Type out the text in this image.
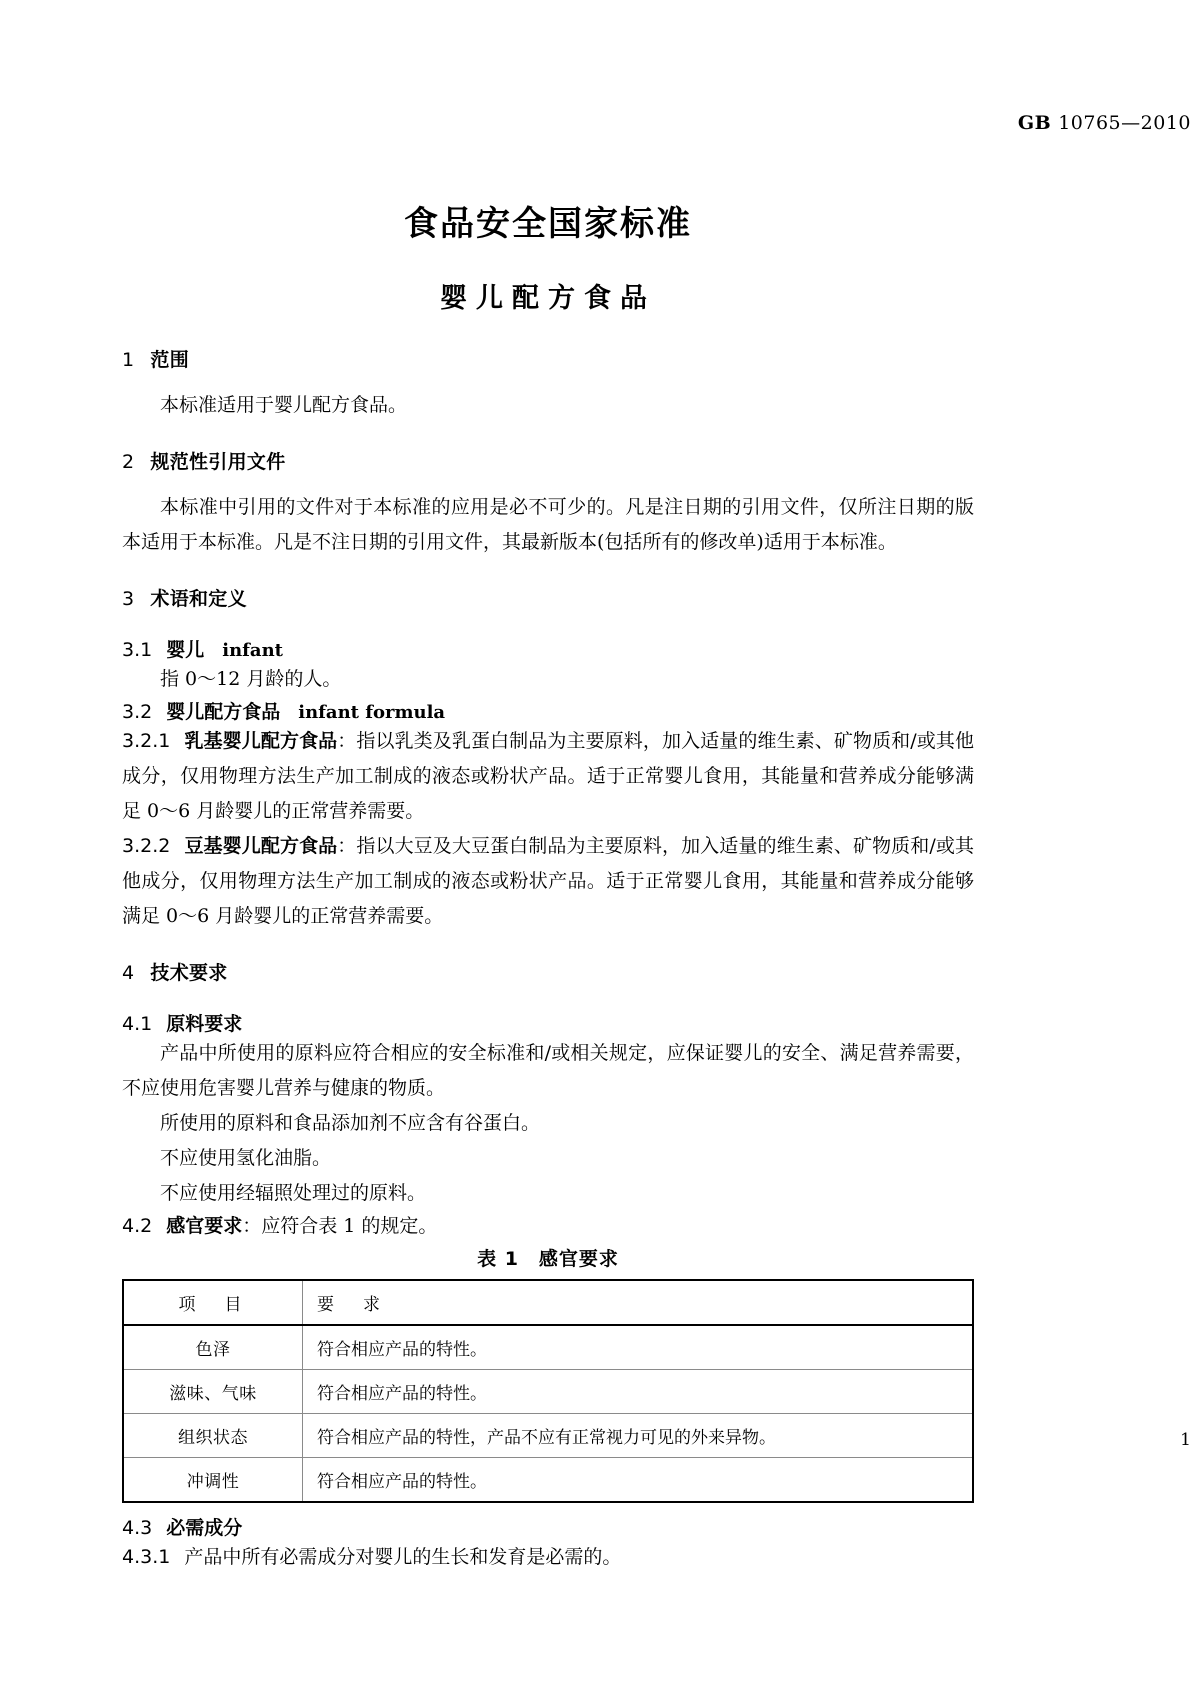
GB 10765—2010
食品安全国家标准
婴儿配方食品
1 范围

本标准适用于婴儿配方食品。

2 规范性引用文件

本标准中引用的文件对于本标准的应用是必不可少的。凡是注日期的引用文件，仅所注日期的版本适用于本标准。凡是不注日期的引用文件，其最新版本(包括所有的修改单)适用于本标准。

3 术语和定义
3.1 婴儿 infant

指 0～12 月龄的人。

3.2 婴儿配方食品 infant formula
3.2.1 乳基婴儿配方食品：指以乳类及乳蛋白制品为主要原料，加入适量的维生素、矿物质和/或其他成分，仅用物理方法生产加工制成的液态或粉状产品。适于正常婴儿食用，其能量和营养成分能够满足 0～6 月龄婴儿的正常营养需要。
3.2.2 豆基婴儿配方食品：指以大豆及大豆蛋白制品为主要原料，加入适量的维生素、矿物质和/或其他成分，仅用物理方法生产加工制成的液态或粉状产品。适于正常婴儿食用，其能量和营养成分能够满足 0～6 月龄婴儿的正常营养需要。
4 技术要求
4.1 原料要求

产品中所使用的原料应符合相应的安全标准和/或相关规定，应保证婴儿的安全、满足营养需要，不应使用危害婴儿营养与健康的物质。

所使用的原料和食品添加剂不应含有谷蛋白。

不应使用氢化油脂。

不应使用经辐照处理过的原料。

4.2 感官要求：应符合表 1 的规定。
表 1　感官要求
项　目	要　求
色泽	符合相应产品的特性。
滋味、气味	符合相应产品的特性。
组织状态	符合相应产品的特性，产品不应有正常视力可见的外来异物。
冲调性	符合相应产品的特性。
4.3 必需成分
4.3.1 产品中所有必需成分对婴儿的生长和发育是必需的。
1
